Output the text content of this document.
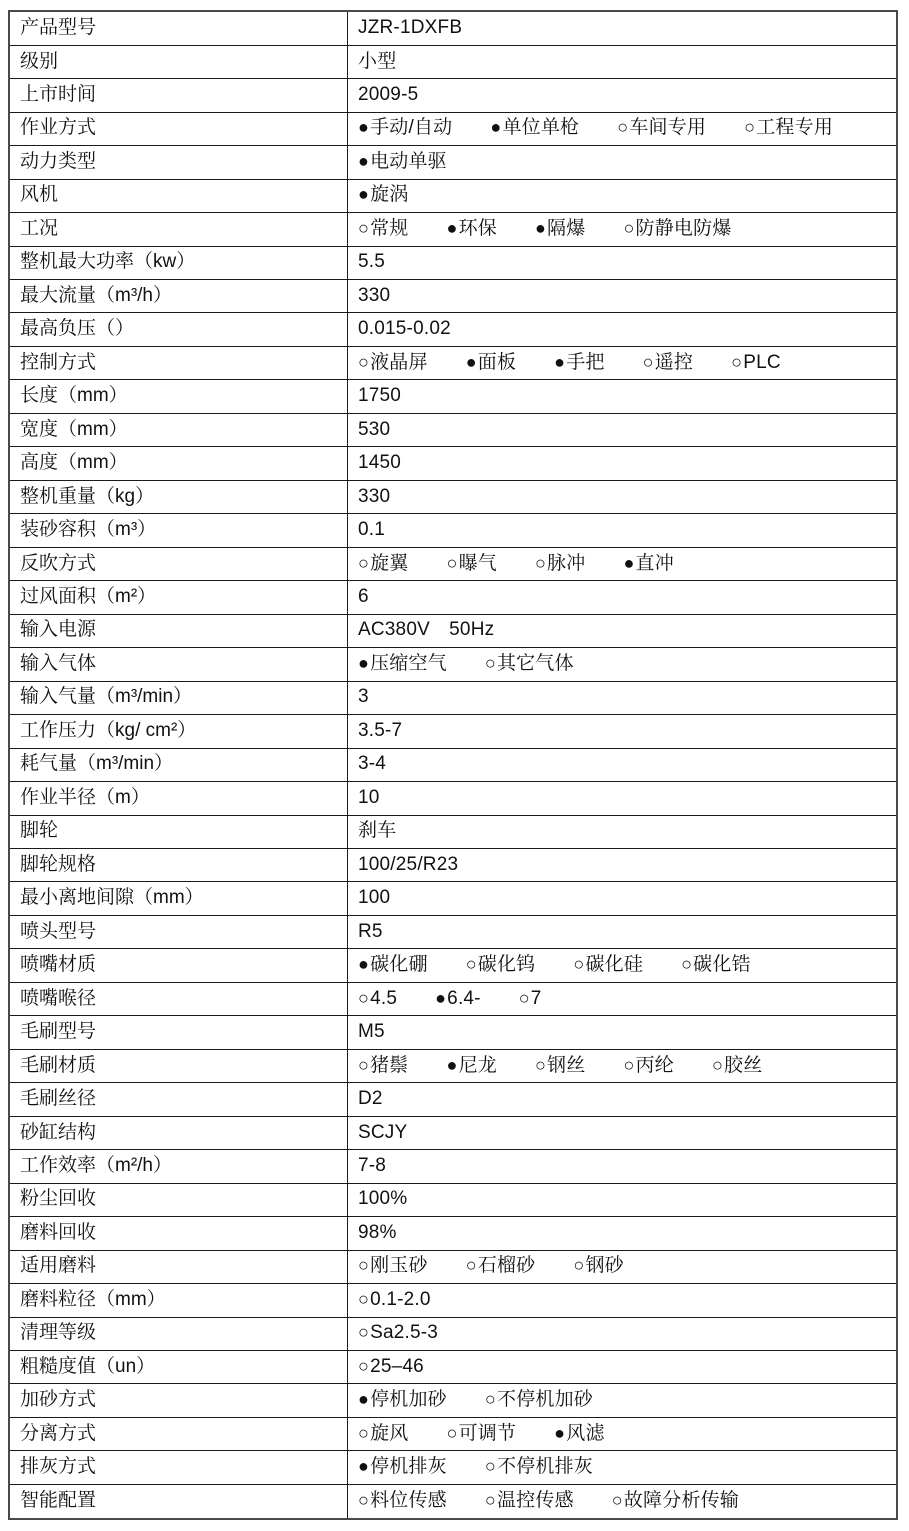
产品型号	JZR-1DXFB
级别	小型
上市时间	2009-5
作业方式	●手动/自动 ●单位单枪 ○车间专用 ○工程专用
动力类型	●电动单驱
风机	●旋涡
工况	○常规 ●环保 ●隔爆 ○防静电防爆
整机最大功率（kw）	5.5
最大流量（m³/h）	330
最高负压（）	0.015-0.02
控制方式	○液晶屏 ●面板 ●手把 ○遥控 ○PLC
长度（mm）	1750
宽度（mm）	530
高度（mm）	1450
整机重量（kg）	330
装砂容积（m³）	0.1
反吹方式	○旋翼 ○曝气 ○脉冲 ●直冲
过风面积（m²）	6
输入电源	AC380V　50Hz
输入气体	●压缩空气 ○其它气体
输入气量（m³/min）	3
工作压力（kg/ cm²）	3.5-7
耗气量（m³/min）	3-4
作业半径（m）	10
脚轮	刹车
脚轮规格	100/25/R23
最小离地间隙（mm）	100
喷头型号	R5
喷嘴材质	●碳化硼 ○碳化钨 ○碳化硅 ○碳化锆
喷嘴喉径	○4.5 ●6.4- ○7
毛刷型号	M5
毛刷材质	○猪鬃 ●尼龙 ○钢丝 ○丙纶 ○胶丝
毛刷丝径	D2
砂缸结构	SCJY
工作效率（m²/h）	7-8
粉尘回收	100%
磨料回收	98%
适用磨料	○刚玉砂 ○石榴砂 ○钢砂
磨料粒径（mm）	○0.1-2.0
清理等级	○Sa2.5-3
粗糙度值（un）	○25–46
加砂方式	●停机加砂 ○不停机加砂
分离方式	○旋风 ○可调节 ●风滤
排灰方式	●停机排灰 ○不停机排灰
智能配置	○料位传感 ○温控传感 ○故障分析传输
